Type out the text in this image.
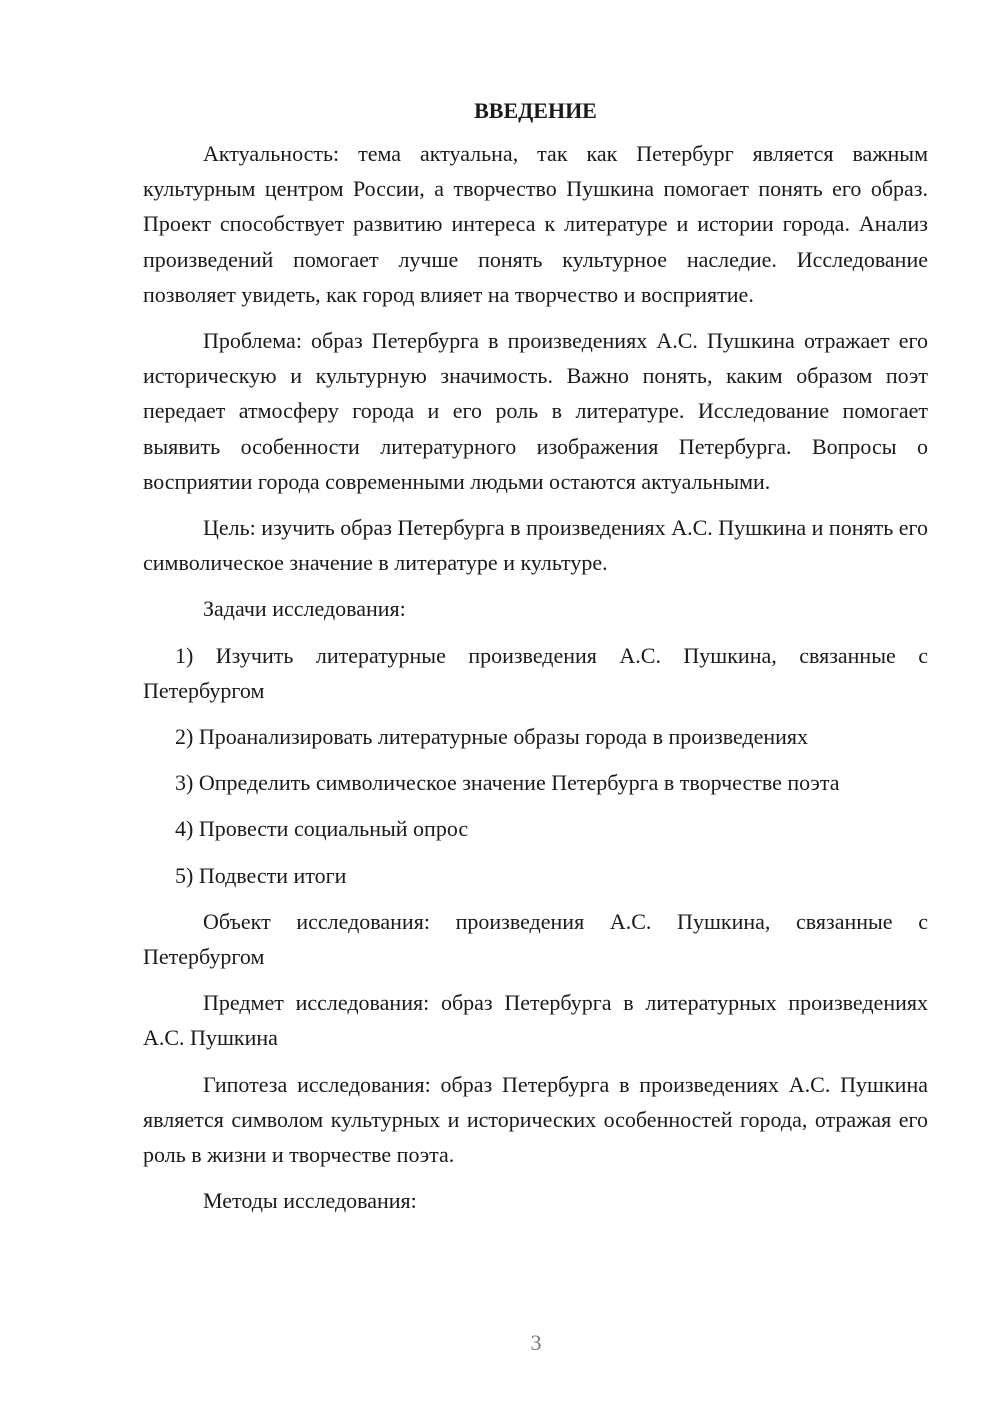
ВВЕДЕНИЕ

Актуальность: тема актуальна, так как Петербург является важным культурным центром России, а творчество Пушкина помогает понять его образ. Проект способствует развитию интереса к литературе и истории города. Анализ произведений помогает лучше понять культурное наследие. Исследование позволяет увидеть, как город влияет на творчество и восприятие.

Проблема: образ Петербурга в произведениях А.С. Пушкина отражает его историческую и культурную значимость. Важно понять, каким образом поэт передает атмосферу города и его роль в литературе. Исследование помогает выявить особенности литературного изображения Петербурга. Вопросы о восприятии города современными людьми остаются актуальными.

Цель: изучить образ Петербурга в произведениях А.С. Пушкина и понять его символическое значение в литературе и культуре.

Задачи исследования:

1) Изучить литературные произведения А.С. Пушкина, связанные с Петербургом

2) Проанализировать литературные образы города в произведениях

3) Определить символическое значение Петербурга в творчестве поэта

4) Провести социальный опрос

5) Подвести итоги

Объект исследования: произведения А.С. Пушкина, связанные с Петербургом

Предмет исследования: образ Петербурга в литературных произведениях А.С. Пушкина

Гипотеза исследования: образ Петербурга в произведениях А.С. Пушкина является символом культурных и исторических особенностей города, отражая его роль в жизни и творчестве поэта.

Методы исследования:

3
